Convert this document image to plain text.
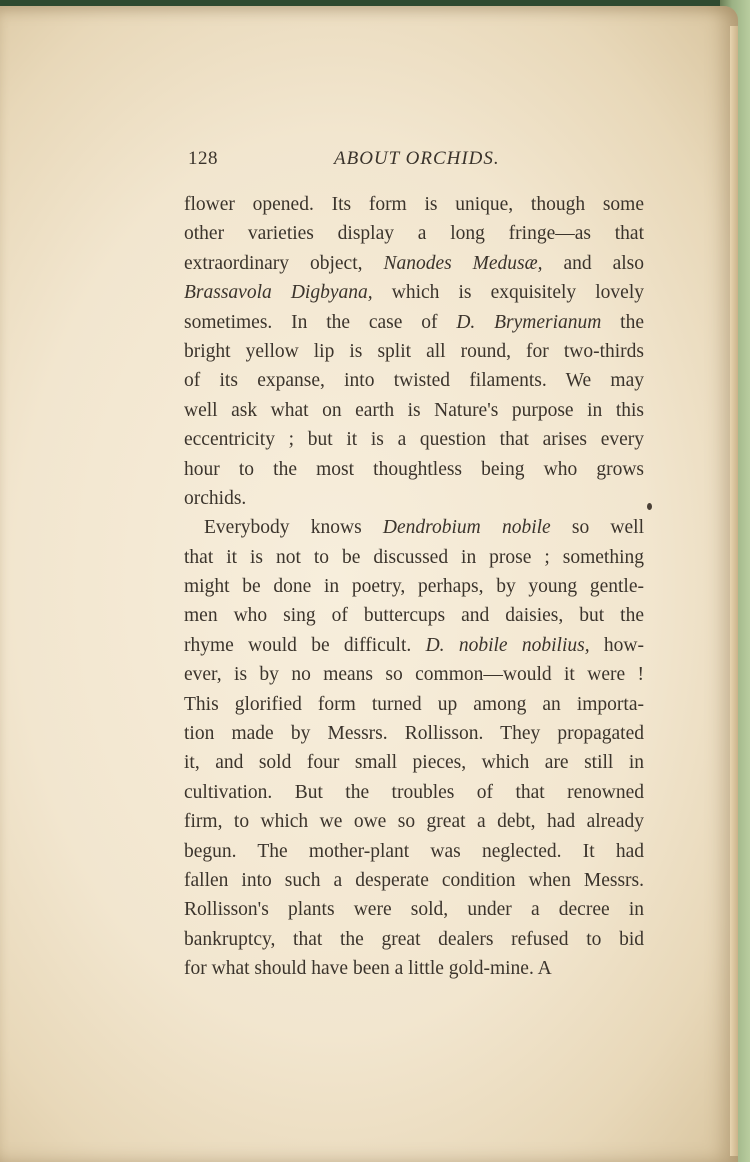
128	ABOUT ORCHIDS.
flower opened. Its form is unique, though some
other varieties display a long fringe—as that
extraordinary object, Nanodes Medusæ, and also
Brassavola Digbyana, which is exquisitely lovely
sometimes. In the case of D. Brymerianum the
bright yellow lip is split all round, for two-thirds
of its expanse, into twisted filaments. We may
well ask what on earth is Nature's purpose in this
eccentricity ; but it is a question that arises every
hour to the most thoughtless being who grows
orchids.
Everybody knows Dendrobium nobile so well
that it is not to be discussed in prose ; something
might be done in poetry, perhaps, by young gentle-
men who sing of buttercups and daisies, but the
rhyme would be difficult. D. nobile nobilius, how-
ever, is by no means so common—would it were !
This glorified form turned up among an importa-
tion made by Messrs. Rollisson. They propagated
it, and sold four small pieces, which are still in
cultivation. But the troubles of that renowned
firm, to which we owe so great a debt, had already
begun. The mother-plant was neglected. It had
fallen into such a desperate condition when Messrs.
Rollisson's plants were sold, under a decree in
bankruptcy, that the great dealers refused to bid
for what should have been a little gold-mine. A
